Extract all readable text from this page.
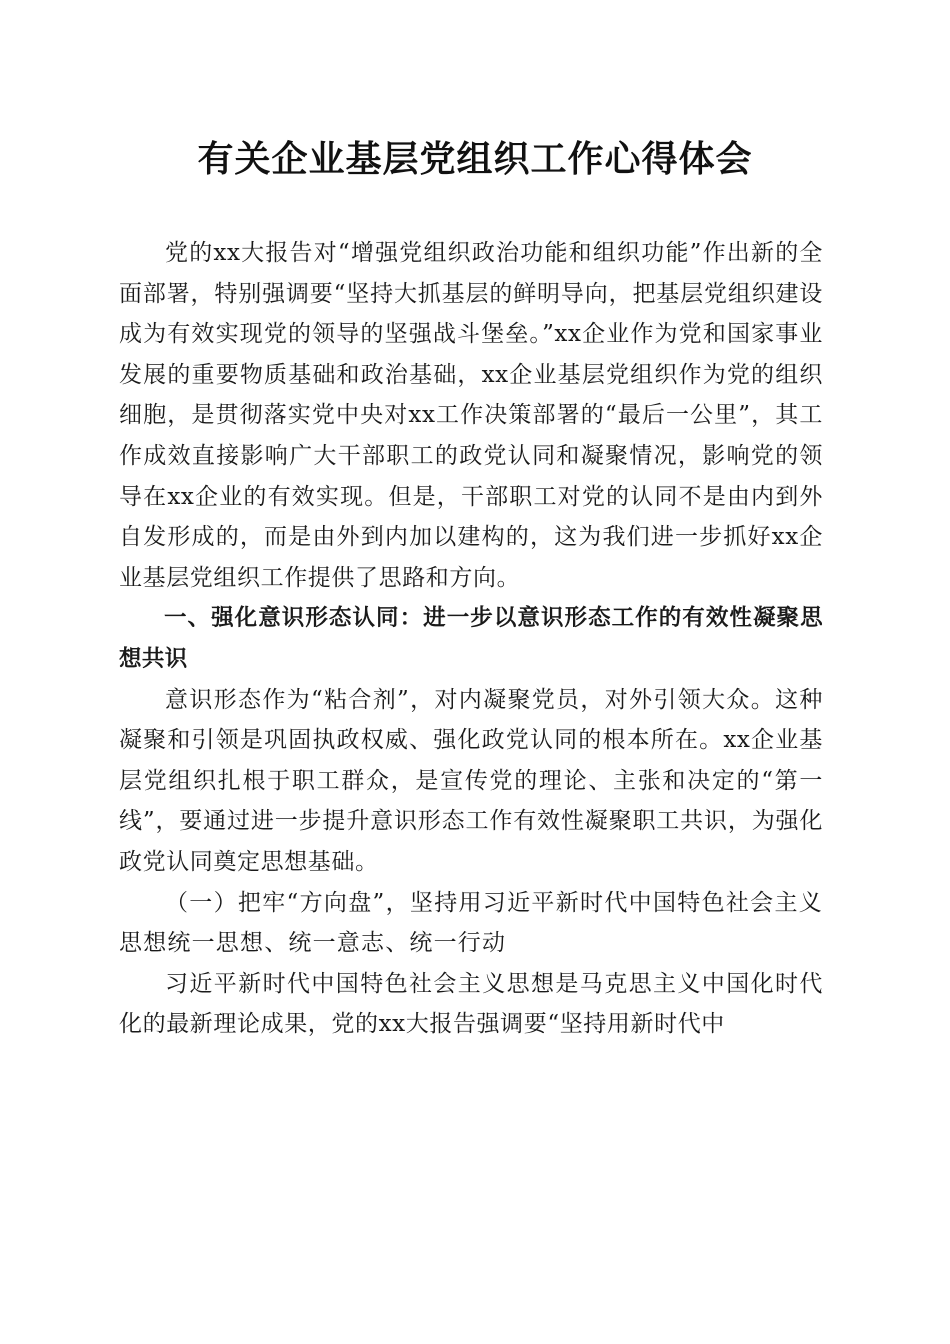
有关企业基层党组织工作心得体会

党的xx大报告对“增强党组织政治功能和组织功能”作出新的全面部署，特别强调要“坚持大抓基层的鲜明导向，把基层党组织建设成为有效实现党的领导的坚强战斗堡垒。”xx企业作为党和国家事业发展的重要物质基础和政治基础，xx企业基层党组织作为党的组织细胞，是贯彻落实党中央对xx工作决策部署的“最后一公里”，其工作成效直接影响广大干部职工的政党认同和凝聚情况，影响党的领导在xx企业的有效实现。但是，干部职工对党的认同不是由内到外自发形成的，而是由外到内加以建构的，这为我们进一步抓好xx企业基层党组织工作提供了思路和方向。

一、强化意识形态认同：进一步以意识形态工作的有效性凝聚思想共识

意识形态作为“粘合剂”，对内凝聚党员，对外引领大众。这种凝聚和引领是巩固执政权威、强化政党认同的根本所在。xx企业基层党组织扎根于职工群众，是宣传党的理论、主张和决定的“第一线”，要通过进一步提升意识形态工作有效性凝聚职工共识，为强化政党认同奠定思想基础。

（一）把牢“方向盘”，坚持用习近平新时代中国特色社会主义思想统一思想、统一意志、统一行动

习近平新时代中国特色社会主义思想是马克思主义中国化时代化的最新理论成果，党的xx大报告强调要“坚持用新时代中
